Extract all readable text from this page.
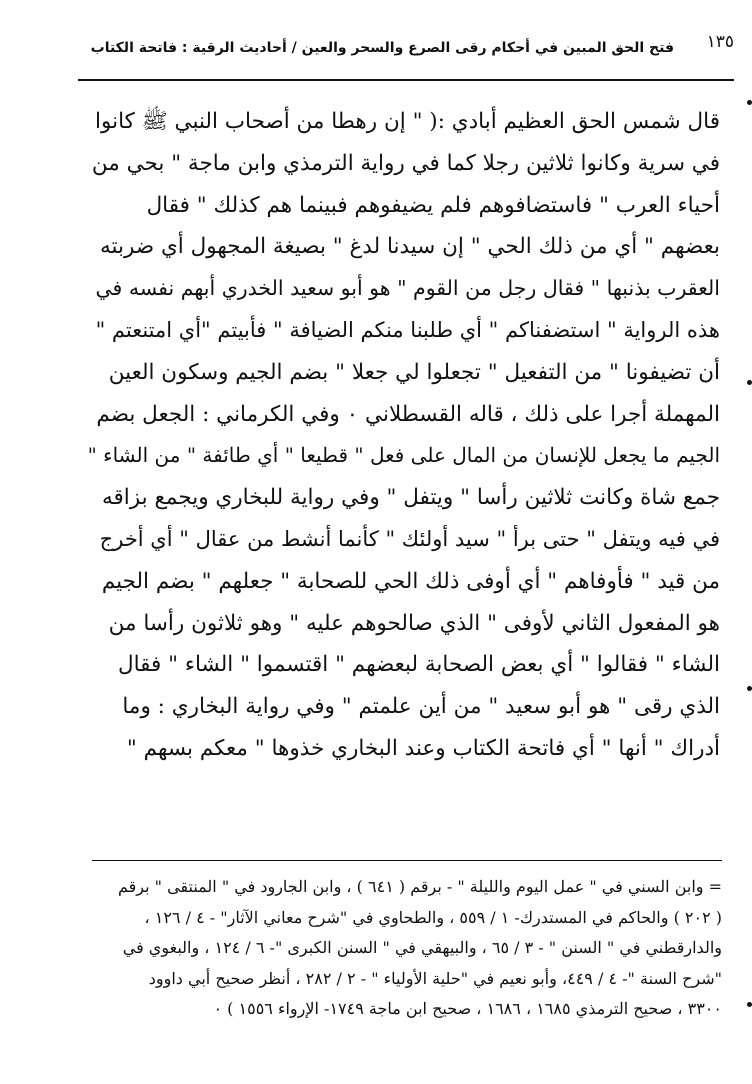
فتح الحق المبين في أحكام رقى الصرع والسحر والعين / أحاديث الرقية : فاتحة الكتاب ١٣٥
قال شمس الحق العظيم أبادي :( " إن رهطا من أصحاب النبي ﷺ كانوا
في سرية وكانوا ثلاثين رجلا كما في رواية الترمذي وابن ماجة " بحي من
أحياء العرب " فاستضافوهم فلم يضيفوهم فبينما هم كذلك " فقال
بعضهم " أي من ذلك الحي " إن سيدنا لدغ " بصيغة المجهول أي ضربته
العقرب بذنبها " فقال رجل من القوم " هو أبو سعيد الخدري أبهم نفسه في
هذه الرواية " استضفناكم " أي طلبنا منكم الضيافة " فأبيتم "أي امتنعتم "
أن تضيفونا " من التفعيل " تجعلوا لي جعلا " بضم الجيم وسكون العين
المهملة أجرا على ذلك ، قاله القسطلاني ٠ وفي الكرماني : الجعل بضم
الجيم ما يجعل للإنسان من المال على فعل " قطيعا " أي طائفة " من الشاء "
جمع شاة وكانت ثلاثين رأسا " ويتفل " وفي رواية للبخاري ويجمع بزاقه
في فيه ويتفل " حتى برأ " سيد أولئك " كأنما أنشط من عقال " أي أخرج
من قيد " فأوفاهم " أي أوفى ذلك الحي للصحابة " جعلهم " بضم الجيم
هو المفعول الثاني لأوفى " الذي صالحوهم عليه " وهو ثلاثون رأسا من
الشاء " فقالوا " أي بعض الصحابة لبعضهم " اقتسموا " الشاء " فقال
الذي رقى " هو أبو سعيد " من أين علمتم " وفي رواية البخاري : وما
أدراك " أنها " أي فاتحة الكتاب وعند البخاري خذوها " معكم بسهم "
= وابن السني في " عمل اليوم والليلة " - برقم ( ٦٤١ ) ، وابن الجارود في " المنتقى " برقم
( ٢٠٢ ) والحاكم في المستدرك- ١ / ٥٥٩ ، والطحاوي في "شرح معاني الآثار" - ٤ / ١٢٦ ،
والدارقطني في " السنن " - ٣ / ٦٥ ، والبيهقي في " السنن الكبرى "- ٦ / ١٢٤ ، والبغوي في
"شرح السنة "- ٤ / ٤٤٩، وأبو نعيم في "حلية الأولياء " - ٢ / ٢٨٢ ، أنظر صحيح أبي داوود
٣٣٠٠ ، صحيح الترمذي ١٦٨٥ ، ١٦٨٦ ، صحيح ابن ماجة ١٧٤٩- الإرواء ١٥٥٦ ) ٠
